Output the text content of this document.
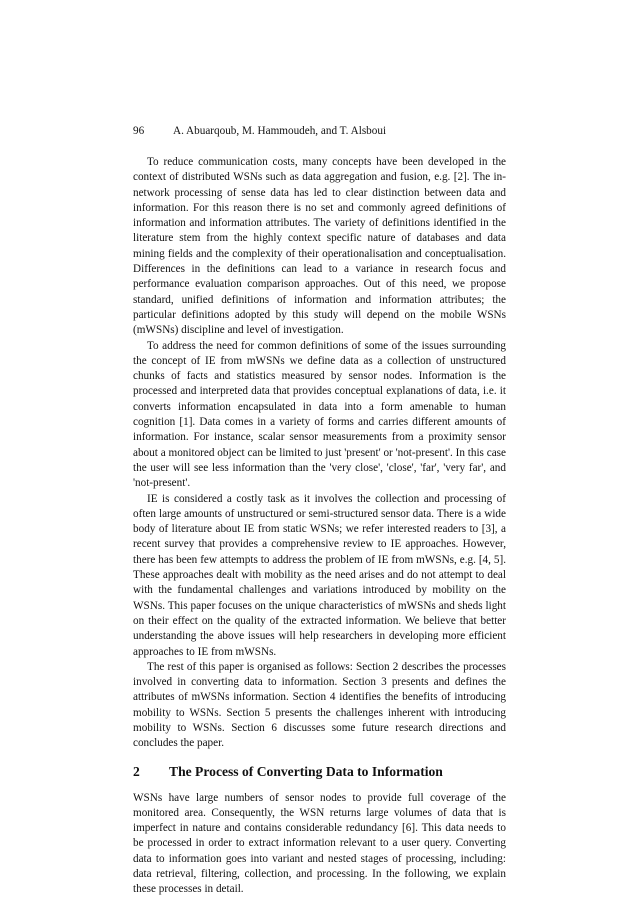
96	A. Abuarqoub, M. Hammoudeh, and T. Alsboui

To reduce communication costs, many concepts have been developed in the context of distributed WSNs such as data aggregation and fusion, e.g. [2]. The in-network processing of sense data has led to clear distinction between data and information. For this reason there is no set and commonly agreed definitions of information and information attributes. The variety of definitions identified in the literature stem from the highly context specific nature of databases and data mining fields and the complexity of their operationalisation and conceptualisation. Differences in the definitions can lead to a variance in research focus and performance evaluation comparison approaches. Out of this need, we propose standard, unified definitions of information and information attributes; the particular definitions adopted by this study will depend on the mobile WSNs (mWSNs) discipline and level of investigation.

To address the need for common definitions of some of the issues surrounding the concept of IE from mWSNs we define data as a collection of unstructured chunks of facts and statistics measured by sensor nodes. Information is the processed and interpreted data that provides conceptual explanations of data, i.e. it converts information encapsulated in data into a form amenable to human cognition [1]. Data comes in a variety of forms and carries different amounts of information. For instance, scalar sensor measurements from a proximity sensor about a monitored object can be limited to just 'present' or 'not-present'. In this case the user will see less information than the 'very close', 'close', 'far', 'very far', and 'not-present'.

IE is considered a costly task as it involves the collection and processing of often large amounts of unstructured or semi-structured sensor data. There is a wide body of literature about IE from static WSNs; we refer interested readers to [3], a recent survey that provides a comprehensive review to IE approaches. However, there has been few attempts to address the problem of IE from mWSNs, e.g. [4, 5]. These approaches dealt with mobility as the need arises and do not attempt to deal with the fundamental challenges and variations introduced by mobility on the WSNs. This paper focuses on the unique characteristics of mWSNs and sheds light on their effect on the quality of the extracted information. We believe that better understanding the above issues will help researchers in developing more efficient approaches to IE from mWSNs.

The rest of this paper is organised as follows: Section 2 describes the processes involved in converting data to information. Section 3 presents and defines the attributes of mWSNs information. Section 4 identifies the benefits of introducing mobility to WSNs. Section 5 presents the challenges inherent with introducing mobility to WSNs. Section 6 discusses some future research directions and concludes the paper.

2 The Process of Converting Data to Information

WSNs have large numbers of sensor nodes to provide full coverage of the monitored area. Consequently, the WSN returns large volumes of data that is imperfect in nature and contains considerable redundancy [6]. This data needs to be processed in order to extract information relevant to a user query. Converting data to information goes into variant and nested stages of processing, including: data retrieval, filtering, collection, and processing. In the following, we explain these processes in detail.
